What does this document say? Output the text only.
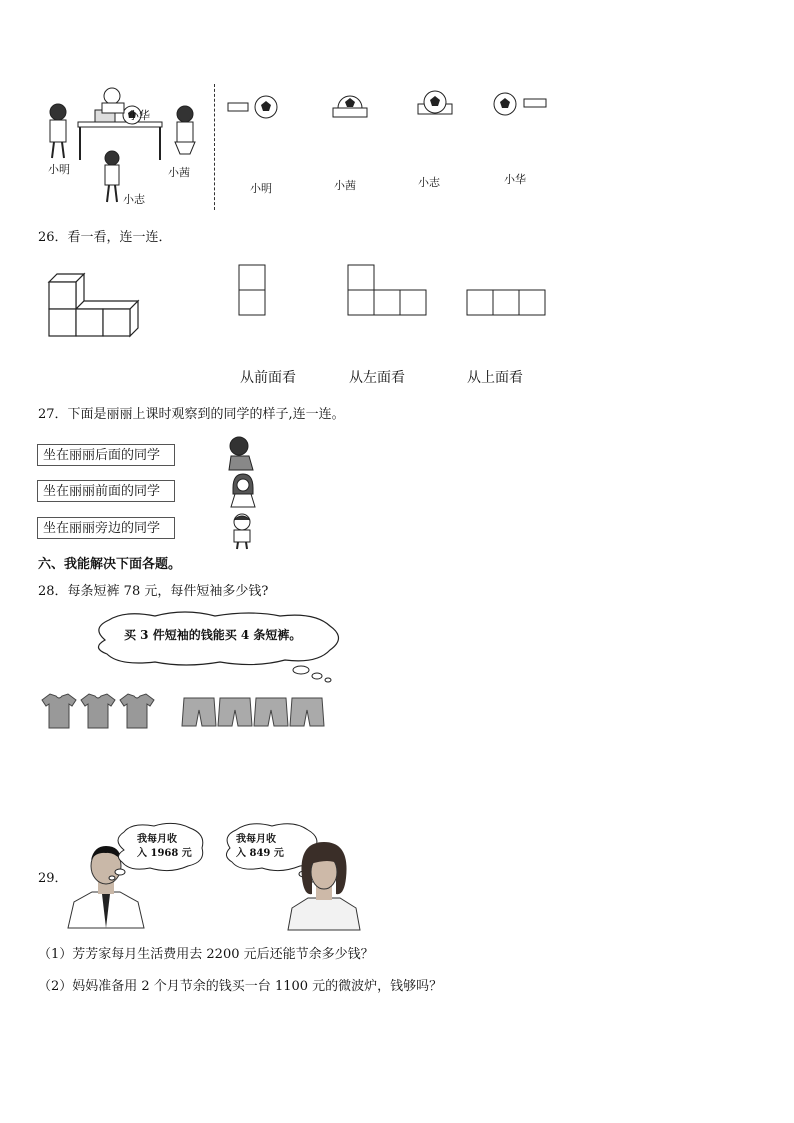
小华
小明	小茜
小志
小明	小茜	小志	小华
26．看一看，连一连．
从前面看	从左面看	从上面看
27．下面是丽丽上课时观察到的同学的样子,连一连。
坐在丽丽后面的同学
坐在丽丽前面的同学
坐在丽丽旁边的同学
六、我能解决下面各题。
28．每条短裤 78 元，每件短袖多少钱?
买 3 件短袖的钱能买 4 条短裤。
29．
我每月收
入 1968 元
我每月收
入 849 元
（1）芳芳家每月生活费用去 2200 元后还能节余多少钱？
（2）妈妈准备用 2 个月节余的钱买一台 1100 元的微波炉，钱够吗？
